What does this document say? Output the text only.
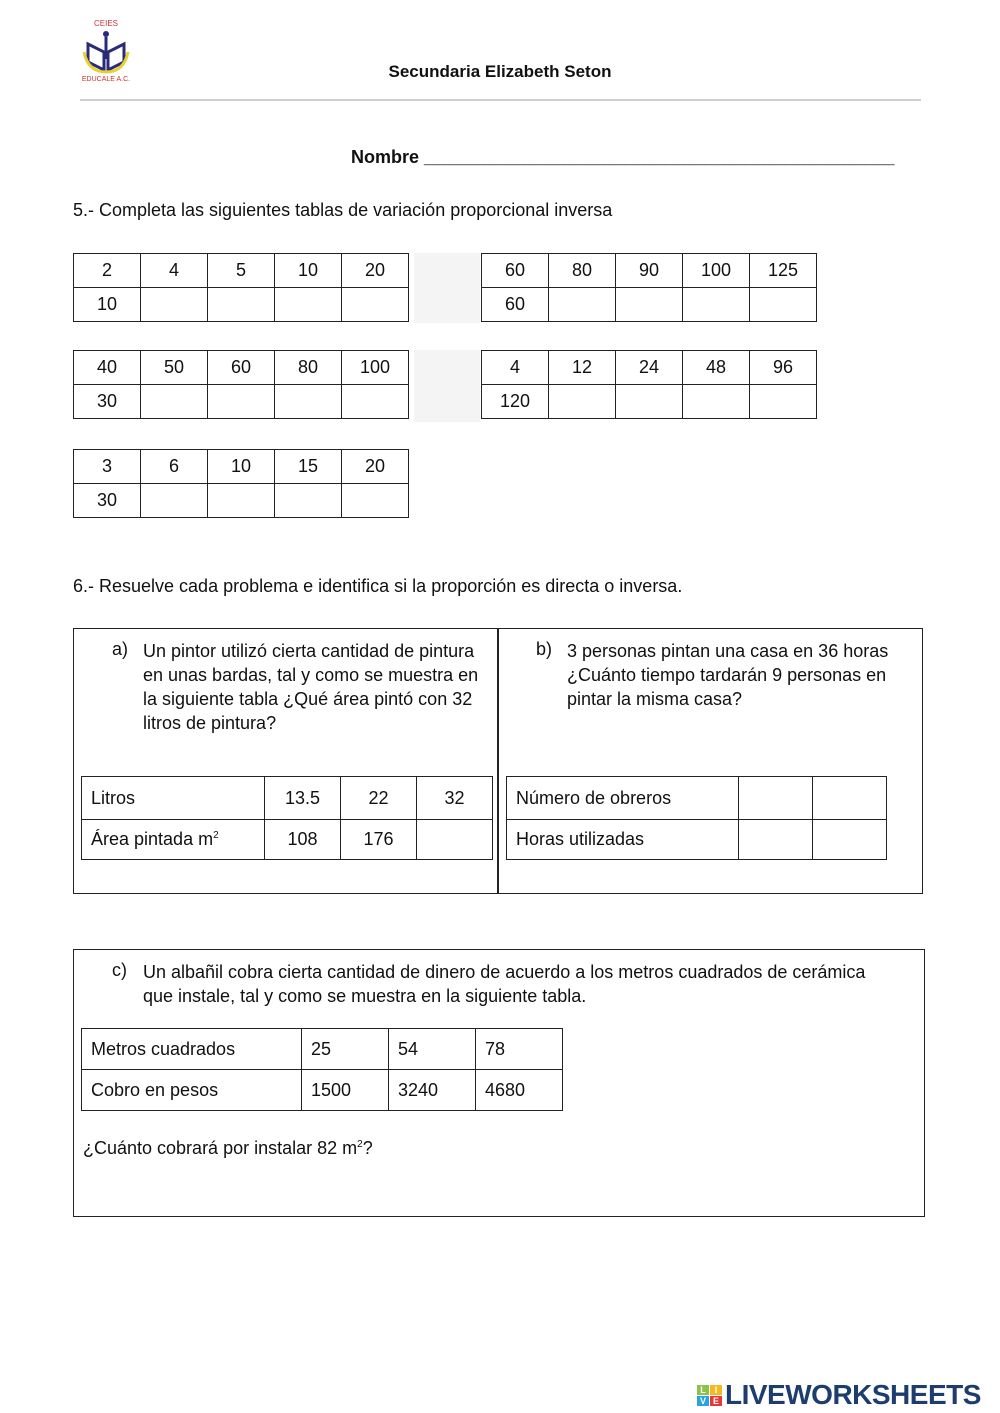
CEIES
EDUCALE A.C.	Secundaria Elizabeth Seton
Nombre _______________________________________________
5.- Completa las siguientes tablas de variación proporcional inversa
6.- Resuelve cada problema e identifica si la proporción es directa o inversa.
a) Un pintor utilizó cierta cantidad de pintura en unas bardas, tal y como se muestra en la siguiente tabla ¿Qué área pintó con 32 litros de pintura?
b) 3 personas pintan una casa en 36 horas ¿Cuánto tiempo tardarán 9 personas en pintar la misma casa?
c) Un albañil cobra cierta cantidad de dinero de acuerdo a los metros cuadrados de cerámica que instale, tal y como se muestra en la siguiente tabla.
¿Cuánto cobrará por instalar 82 $m^2$?
L I
V E LIVEWORKSHEETS
2	4	5	10	20
10				
60	80	90	100	125
60				
40	50	60	80	100
30				
4	12	24	48	96
120				
3	6	10	15	20
30				
Litros	13.5	22	32
Área pintada $m^2$	108	176	
Número de obreros		
Horas utilizadas		
Metros cuadrados	25	54	78
Cobro en pesos	1500	3240	4680
